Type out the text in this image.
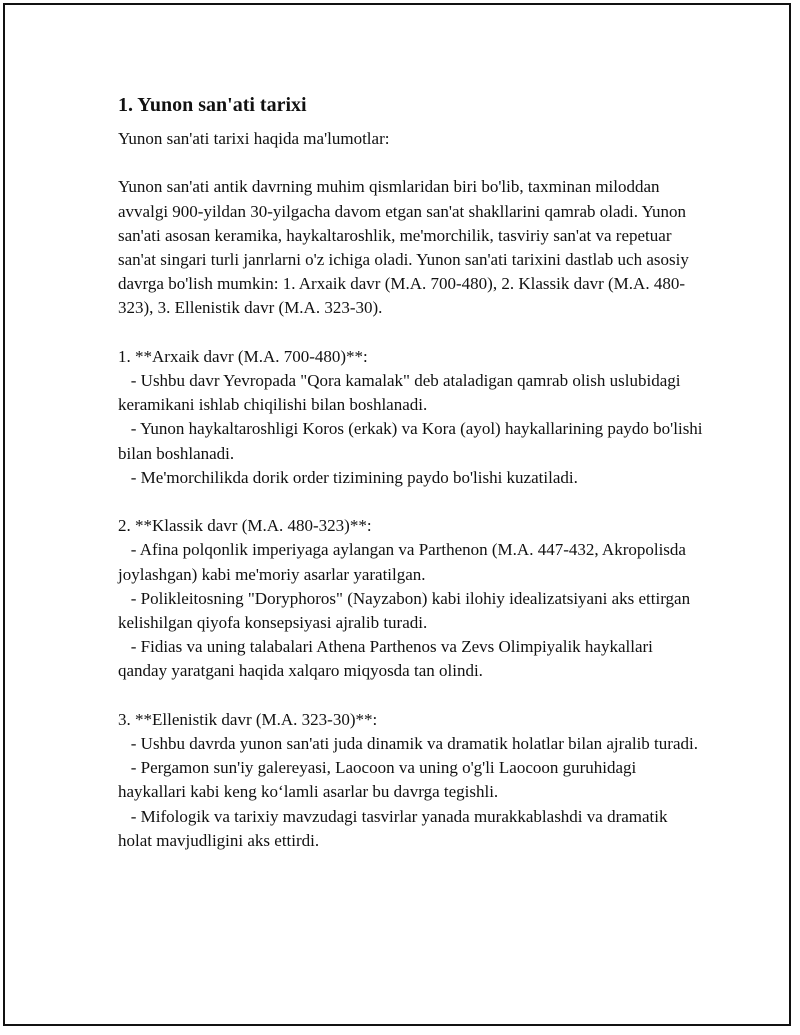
1. Yunon san'ati tarixi

Yunon san'ati tarixi haqida ma'lumotlar:

Yunon san'ati antik davrning muhim qismlaridan biri bo'lib, taxminan miloddan avvalgi 900-yildan 30-yilgacha davom etgan san'at shakllarini qamrab oladi. Yunon san'ati asosan keramika, haykaltaroshlik, me'morchilik, tasviriy san'at va repetuar san'at singari turli janrlarni o'z ichiga oladi. Yunon san'ati tarixini dastlab uch asosiy davrga bo'lish mumkin: 1. Arxaik davr (M.A. 700-480), 2. Klassik davr (M.A. 480-323), 3. Ellenistik davr (M.A. 323-30).

1. **Arxaik davr (M.A. 700-480)**:

- Ushbu davr Yevropada "Qora kamalak" deb ataladigan qamrab olish uslubidagi keramikani ishlab chiqilishi bilan boshlanadi.

- Yunon haykaltaroshligi Koros (erkak) va Kora (ayol) haykallarining paydo bo'lishi bilan boshlanadi.

- Me'morchilikda dorik order tizimining paydo bo'lishi kuzatiladi.

2. **Klassik davr (M.A. 480-323)**:

- Afina polqonlik imperiyaga aylangan va Parthenon (M.A. 447-432, Akropolisda joylashgan) kabi me'moriy asarlar yaratilgan.

- Poliklеitosning "Doryphoros" (Nayzabon) kabi ilohiy idealizatsiyani aks ettirgan kelishilgan qiyofa konsepsiyasi ajralib turadi.

- Fidias va uning talabalari Athena Parthenos va Zevs Olimpiyalik haykallari qanday yaratgani haqida xalqaro miqyosda tan olindi.

3. **Ellenistik davr (M.A. 323-30)**:

- Ushbu davrda yunon san'ati juda dinamik va dramatik holatlar bilan ajralib turadi.

- Pergamon sun'iy galereyasi, Laocoon va uning o'g'li Laocoon guruhidagi haykallari kabi keng ko‘lamli asarlar bu davrga tegishli.

- Mifologik va tarixiy mavzudagi tasvirlar yanada murakkablashdi va dramatik holat mavjudligini aks ettirdi.
